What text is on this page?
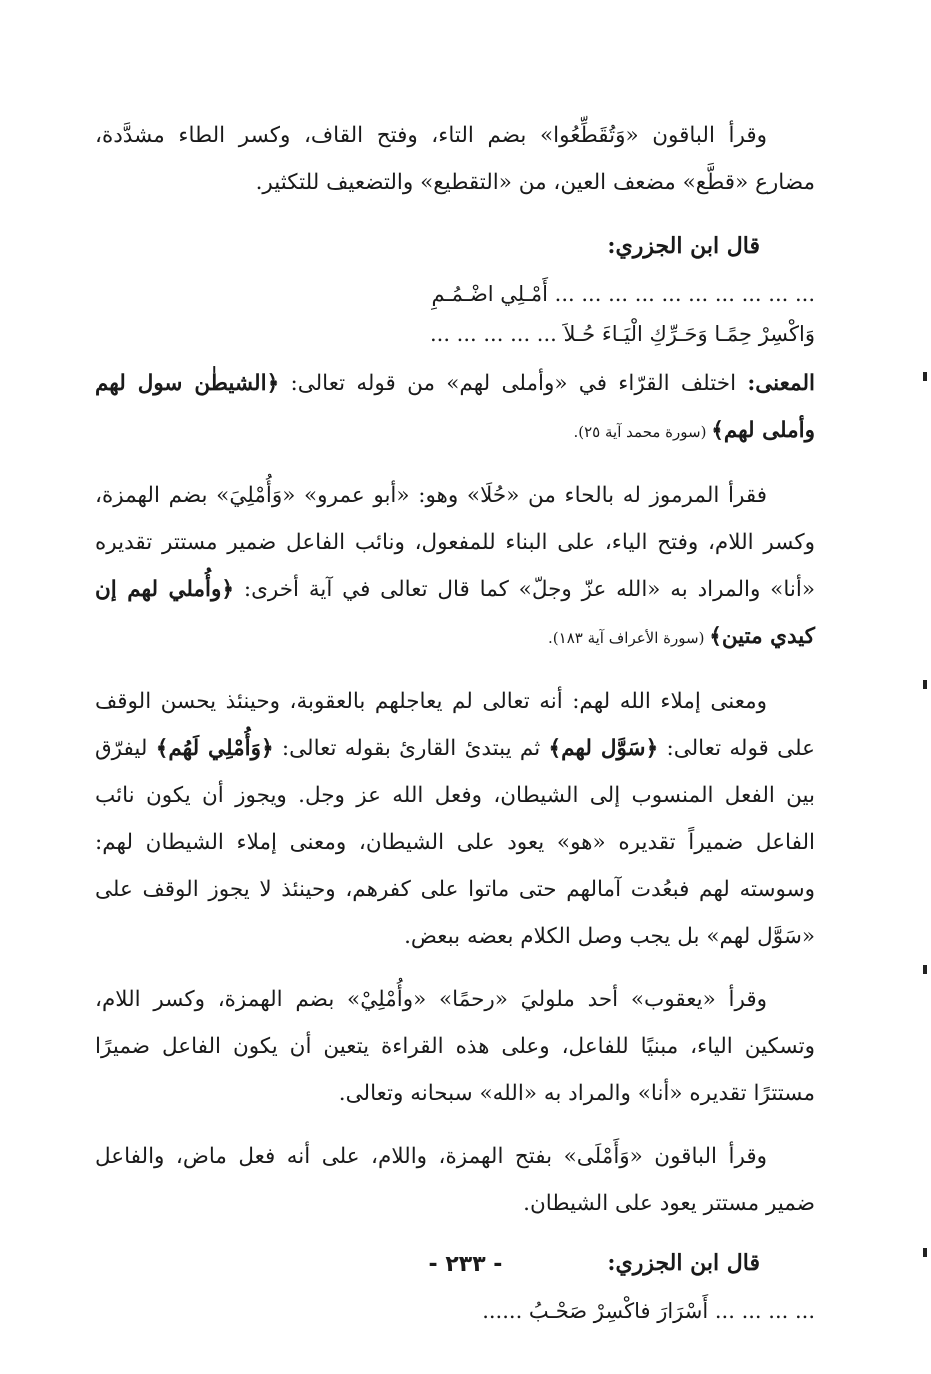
وقرأ الباقون «وَتُقَطِّعُوا» بضم التاء، وفتح القاف، وكسر الطاء مشدَّدة، مضارع «قطَّع» مضعف العين، من «التقطيع» والتضعيف للتكثير.

قال ابن الجزري:
... ... ... ... ... ... ... ... ... ... أَمْـلِي اضْـمُـمِ
وَاكْسِرْ حِمًـا وَحَـرِّكِ الْيَـاءَ حُـلاَ ... ... ... ... ...

المعنى: اختلف القرّاء في «وأملى لهم» من قوله تعالى: ﴿الشيطٰن سول لهم وأملى لهم﴾ (سورة محمد آية ٢٥).

فقرأ المرموز له بالحاء من «حُلَا» وهو: «أبو عمرو» «وَأُمْلِيَ» بضم الهمزة، وكسر اللام، وفتح الياء، على البناء للمفعول، ونائب الفاعل ضمير مستتر تقديره «أنا» والمراد به «الله عزّ وجلّ» كما قال تعالى في آية أخرى: ﴿وأُملي لهم إن كيدي متين﴾ (سورة الأعراف آية ١٨٣).

ومعنى إملاء الله لهم: أنه تعالى لم يعاجلهم بالعقوبة، وحينئذ يحسن الوقف على قوله تعالى: ﴿سَوَّل لهم﴾ ثم يبتدئ القارئ بقوله تعالى: ﴿وَأُمْلِي لَهُم﴾ ليفرّق بين الفعل المنسوب إلى الشيطان، وفعل الله عز وجل. ويجوز أن يكون نائب الفاعل ضميراً تقديره «هو» يعود على الشيطان، ومعنى إملاء الشيطان لهم: وسوسته لهم فبعُدت آمالهم حتى ماتوا على كفرهم، وحينئذ لا يجوز الوقف على «سَوَّل لهم» بل يجب وصل الكلام بعضه ببعض.

وقرأ «يعقوب» أحد ملوليَ «رحمًا» «وأُمْلِيْ» بضم الهمزة، وكسر اللام، وتسكين الياء، مبنيًا للفاعل، وعلى هذه القراءة يتعين أن يكون الفاعل ضميرًا مستترًا تقديره «أنا» والمراد به «الله» سبحانه وتعالى.

وقرأ الباقون «وَأَمْلَى» بفتح الهمزة، واللام، على أنه فعل ماض، والفاعل ضمير مستتر يعود على الشيطان.

قال ابن الجزري:
... ... ... ... أَسْرَارَ فاكْسِرْ صَحْـبُ ......
- ٢٣٣ -
